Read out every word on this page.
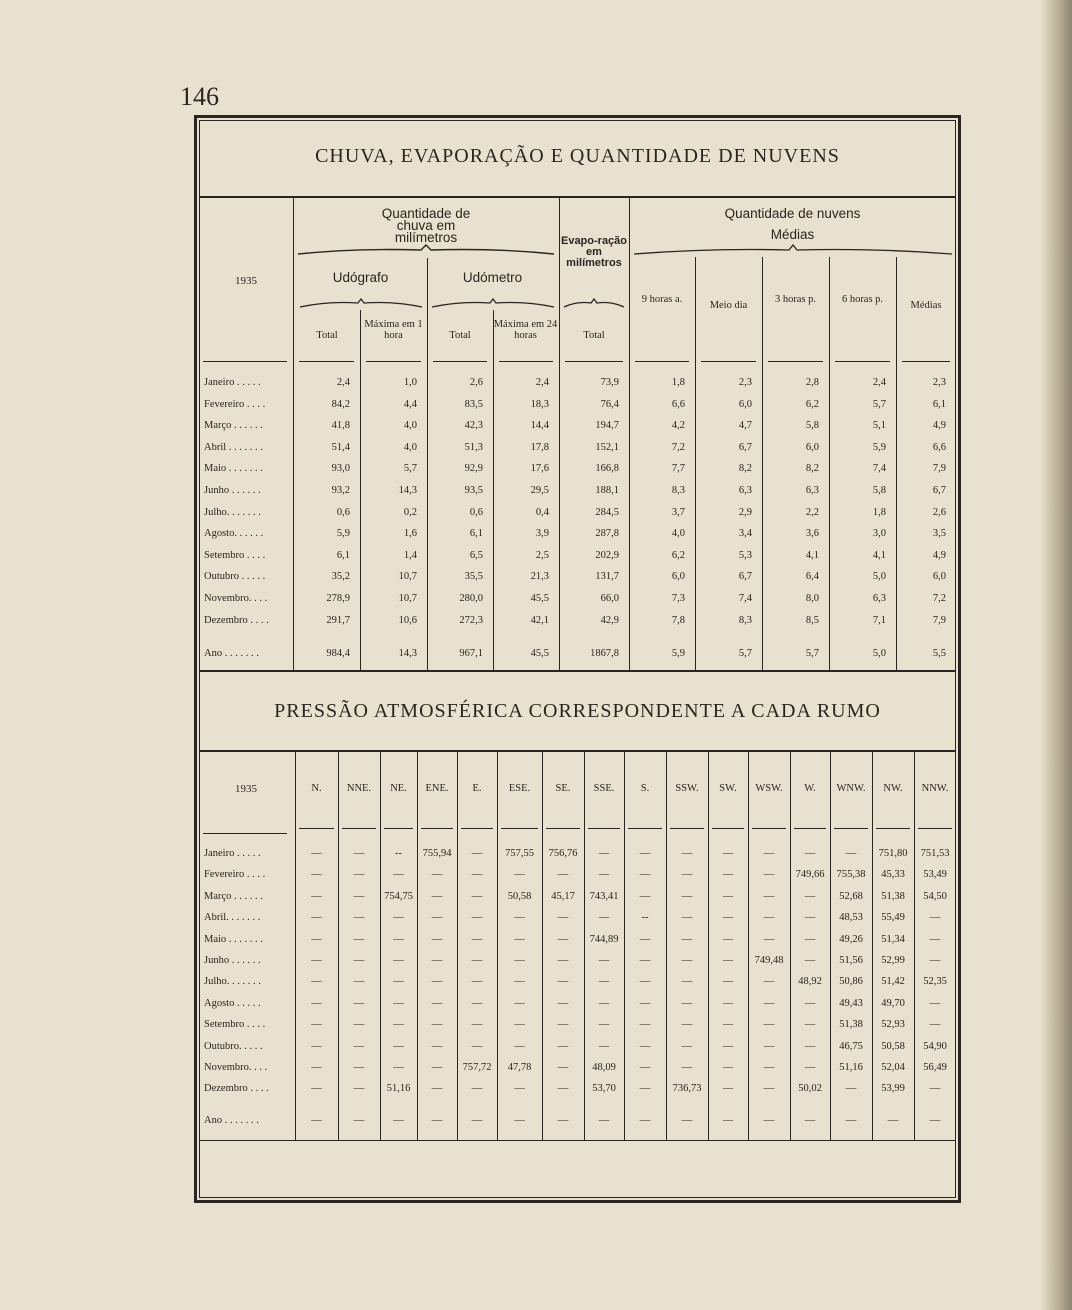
146
CHUVA, EVAPORAÇÃO E QUANTIDADE DE NUVENS
1935
Quantidade de chuva em milímetros
Udógrafo	Udómetro
Total
Máxima em 1 hora	Total
Máxima em 24 horas
Evapo-ração em milímetros
Total
Quantidade de nuvens
Médias
9 horas a.
Meio dia
3 horas p.	6 horas p.
Médias
Janeiro . . . . .	2,4	1,0	2,6	2,4	73,9	1,8	2,3	2,8	2,4	2,3
Fevereiro . . . .	84,2	4,4	83,5	18,3	76,4	6,6	6,0	6,2	5,7	6,1
Março . . . . . .	41,8	4,0	42,3	14,4	194,7	4,2	4,7	5,8	5,1	4,9
Abril . . . . . . .	51,4	4,0	51,3	17,8	152,1	7,2	6,7	6,0	5,9	6,6
Maio . . . . . . .	93,0	5,7	92,9	17,6	166,8	7,7	8,2	8,2	7,4	7,9
Junho . . . . . .	93,2	14,3	93,5	29,5	188,1	8,3	6,3	6,3	5,8	6,7
Julho. . . . . . .	0,6	0,2	0,6	0,4	284,5	3,7	2,9	2,2	1,8	2,6
Agosto. . . . . .	5,9	1,6	6,1	3,9	287,8	4,0	3,4	3,6	3,0	3,5
Setembro . . . .	6,1	1,4	6,5	2,5	202,9	6,2	5,3	4,1	4,1	4,9
Outubro . . . . .	35,2	10,7	35,5	21,3	131,7	6,0	6,7	6,4	5,0	6,0
Novembro. . . .	278,9	10,7	280,0	45,5	66,0	7,3	7,4	8,0	6,3	7,2
Dezembro . . . .	291,7	10,6	272,3	42,1	42,9	7,8	8,3	8,5	7,1	7,9
Ano . . . . . . .	984,4	14,3	967,1	45,5	1867,8	5,9	5,7	5,7	5,0	5,5
PRESSÃO ATMOSFÉRICA CORRESPONDENTE A CADA RUMO
1935	N.	NNE.	NE.	ENE.	E.	ESE.	SE.	SSE.	S.	SSW.	SW.	WSW.	W.	WNW.	NW.	NNW.
Janeiro . . . . .	—	—	--	755,94	—	757,55	756,76	—	—	—	—	—	—	—	751,80	751,53
Fevereiro . . . .	—	—	—	—	—	—	—	—	—	—	—	—	749,66	755,38	45,33	53,49
Março . . . . . .	—	—	754,75	—	—	50,58	45,17	743,41	—	—	—	—	—	52,68	51,38	54,50
Abril. . . . . . .	—	—	—	—	—	—	—	—	--	—	—	—	—	48,53	55,49	—
Maio . . . . . . .	—	—	—	—	—	—	—	744,89	—	—	—	—	—	49,26	51,34	—
Junho . . . . . .	—	—	—	—	—	—	—	—	—	—	—	749,48	—	51,56	52,99	—
Julho. . . . . . .	—	—	—	—	—	—	—	—	—	—	—	—	48,92	50,86	51,42	52,35
Agosto . . . . .	—	—	—	—	—	—	—	—	—	—	—	—	—	49,43	49,70	—
Setembro . . . .	—	—	—	—	—	—	—	—	—	—	—	—	—	51,38	52,93	—
Outubro. . . . .	—	—	—	—	—	—	—	—	—	—	—	—	—	46,75	50,58	54,90
Novembro. . . .	—	—	—	—	757,72	47,78	—	48,09	—	—	—	—	—	51,16	52,04	56,49
Dezembro . . . .	—	—	51,16	—	—	—	—	53,70	—	736,73	—	—	50,02	—	53,99	—
Ano . . . . . . .	—	—	—	—	—	—	—	—	—	—	—	—	—	—	—	—
